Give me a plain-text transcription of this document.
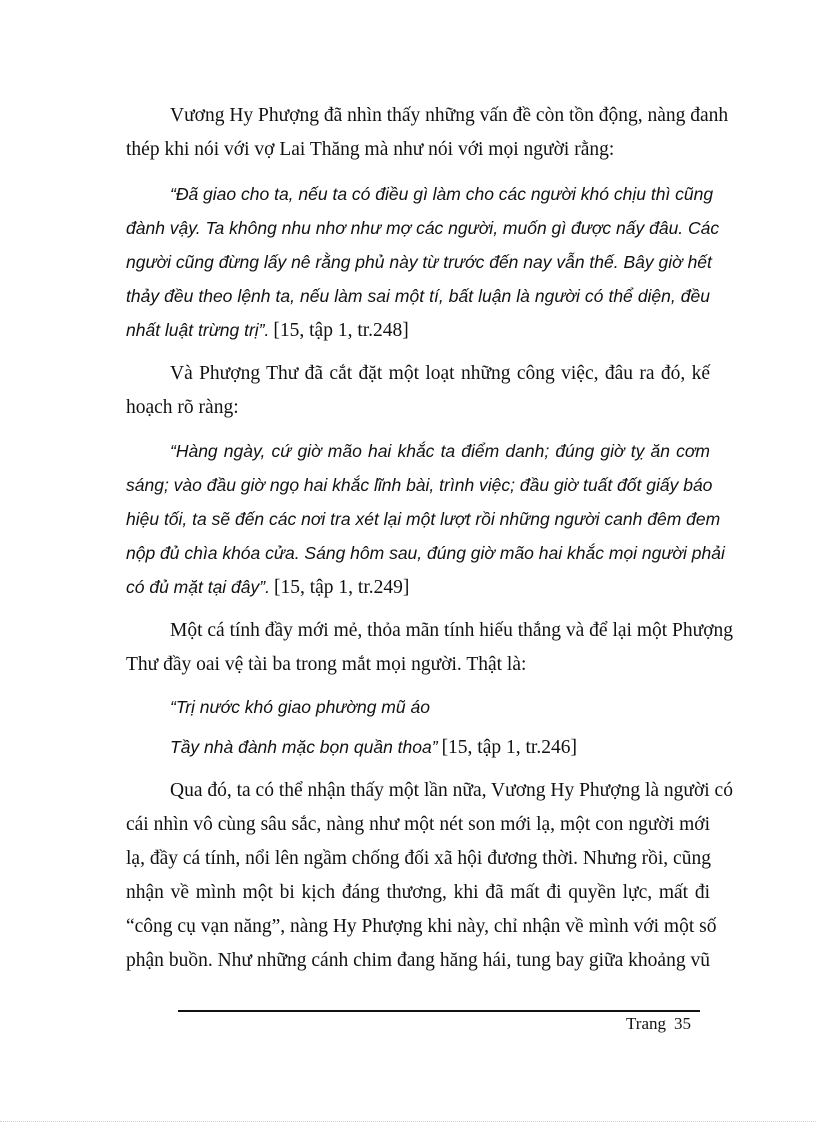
Vương Hy Phượng đã nhìn thấy những vấn đề còn tồn động, nàng đanh
thép khi nói với vợ Lai Thăng mà như nói với mọi người rằng:
“Đã giao cho ta, nếu ta có điều gì làm cho các người khó chịu thì cũng
đành vậy. Ta không nhu nhơ như mợ các người, muốn gì được nấy đâu. Các
người cũng đừng lấy nê rằng phủ này từ trước đến nay vẫn thế. Bây giờ hết
thảy đều theo lệnh ta, nếu làm sai một tí, bất luận là người có thể diện, đều
nhất luật trừng trị”. [15, tập 1, tr.248]
Và Phượng Thư đã cắt đặt một loạt những công việc, đâu ra đó, kế
hoạch rõ ràng:
“Hàng ngày, cứ giờ mão hai khắc ta điểm danh; đúng giờ tỵ ăn cơm
sáng; vào đầu giờ ngọ hai khắc lĩnh bài, trình việc; đầu giờ tuất đốt giấy báo
hiệu tối, ta sẽ đến các nơi tra xét lại một lượt rồi những người canh đêm đem
nộp đủ chìa khóa cửa. Sáng hôm sau, đúng giờ mão hai khắc mọi người phải
có đủ mặt tại đây”. [15, tập 1, tr.249]
Một cá tính đầy mới mẻ, thỏa mãn tính hiếu thắng và để lại một Phượng
Thư đầy oai vệ tài ba trong mắt mọi người. Thật là:
“Trị nước khó giao phường mũ áo
Tầy nhà đành mặc bọn quần thoa” [15, tập 1, tr.246]
Qua đó, ta có thể nhận thấy một lần nữa, Vương Hy Phượng là người có
cái nhìn vô cùng sâu sắc, nàng như một nét son mới lạ, một con người mới
lạ, đầy cá tính, nổi lên ngầm chống đối xã hội đương thời. Nhưng rồi, cũng
nhận về mình một bi kịch đáng thương, khi đã mất đi quyền lực, mất đi
“công cụ vạn năng”, nàng Hy Phượng khi này, chỉ nhận về mình với một số
phận buồn. Như những cánh chim đang hăng hái, tung bay giữa khoảng vũ
Trang 35
